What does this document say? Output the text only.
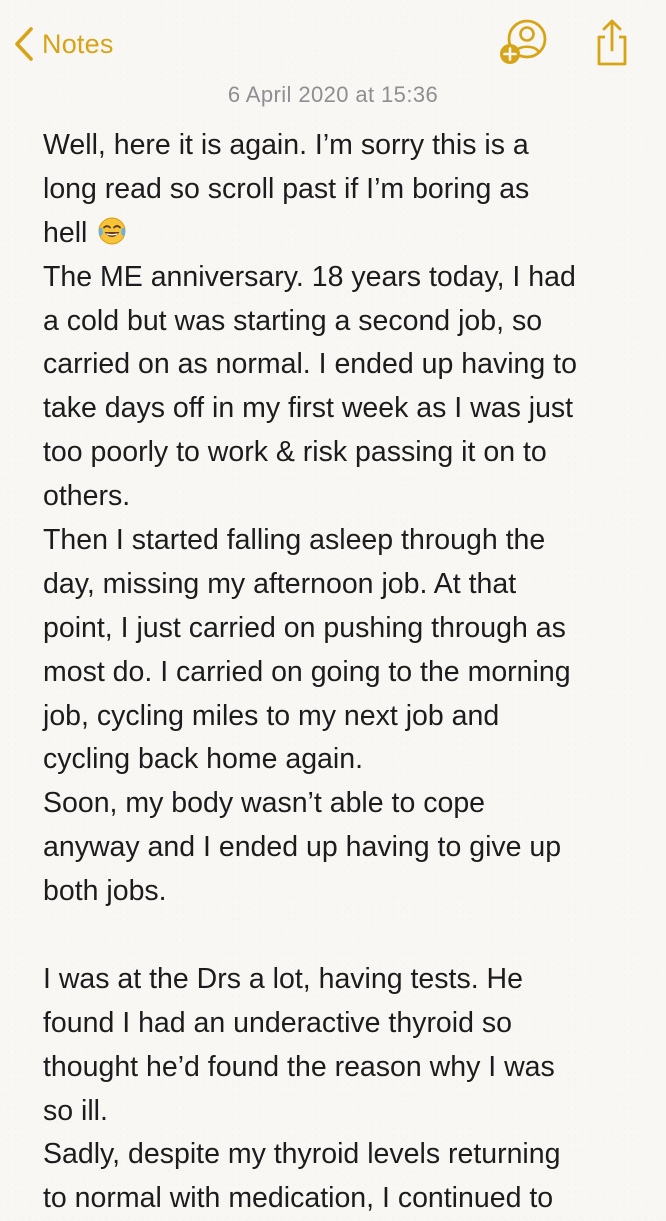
Notes
6 April 2020 at 15:36
Well, here it is again. I’m sorry this is a
long read so scroll past if I’m boring as
hell
The ME anniversary. 18 years today, I had
a cold but was starting a second job, so
carried on as normal. I ended up having to
take days off in my first week as I was just
too poorly to work & risk passing it on to
others.
Then I started falling asleep through the
day, missing my afternoon job. At that
point, I just carried on pushing through as
most do. I carried on going to the morning
job, cycling miles to my next job and
cycling back home again.
Soon, my body wasn’t able to cope
anyway and I ended up having to give up
both jobs.
I was at the Drs a lot, having tests. He
found I had an underactive thyroid so
thought he’d found the reason why I was
so ill.
Sadly, despite my thyroid levels returning
to normal with medication, I continued to
